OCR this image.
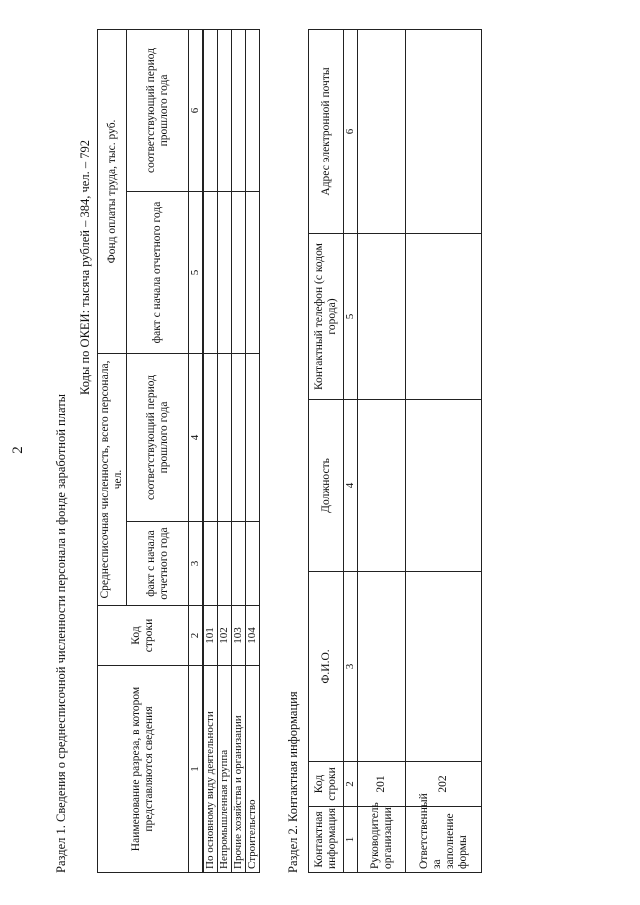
2 Раздел 1. Сведения о среднесписочной численности персонала и фонде заработной платы
Коды по ОКЕИ: тысяча рублей – 384, чел. – 792
Наименование разреза, в котором представляются сведения	Код строки	Среднесписочная численность, всего персонала, чел.		Фонд оплаты труда, тыс. руб.	
		факт с начала отчетного года	соответствующий период прошлого года	факт с начала отчетного года	соответствующий период прошлого года
1	2	3	4	5	6
По основному виду деятельности	101				
Непромышленная группа	102				
Прочие хозяйства и организации	103				
Строительство	104				
Раздел 2. Контактная информация Контактная информация	Код строки	Ф.И.О.	Должность	Контактный телефон (с кодом города)	Адрес электронной почты
1	2	3	4	5	6
Руководитель организации	201				
Ответственный за заполнение формы	202				
